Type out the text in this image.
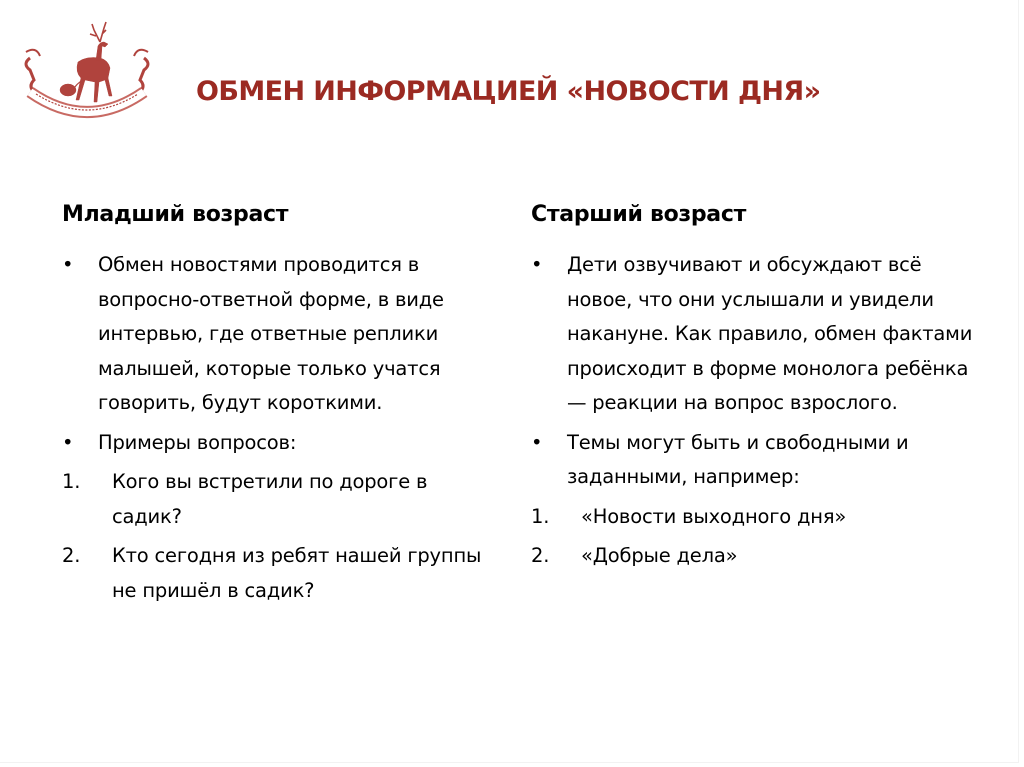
ОБМЕН ИНФОРМАЦИЕЙ «НОВОСТИ ДНЯ»
Младший возраст
• Обмен новостями проводится в вопросно-ответной форме, в виде интервью, где ответные реплики малышей, которые только учатся говорить, будут короткими.
• Примеры вопросов:
1. Кого вы встретили по дороге в садик?
2. Кто сегодня из ребят нашей группы не пришёл в садик?
Старший возраст
• Дети озвучивают и обсуждают всё новое, что они услышали и увидели накануне. Как правило, обмен фактами происходит в форме монолога ребёнка — реакции на вопрос взрослого.
• Темы могут быть и свободными и заданными, например:
1. «Новости выходного дня»
2. «Добрые дела»
